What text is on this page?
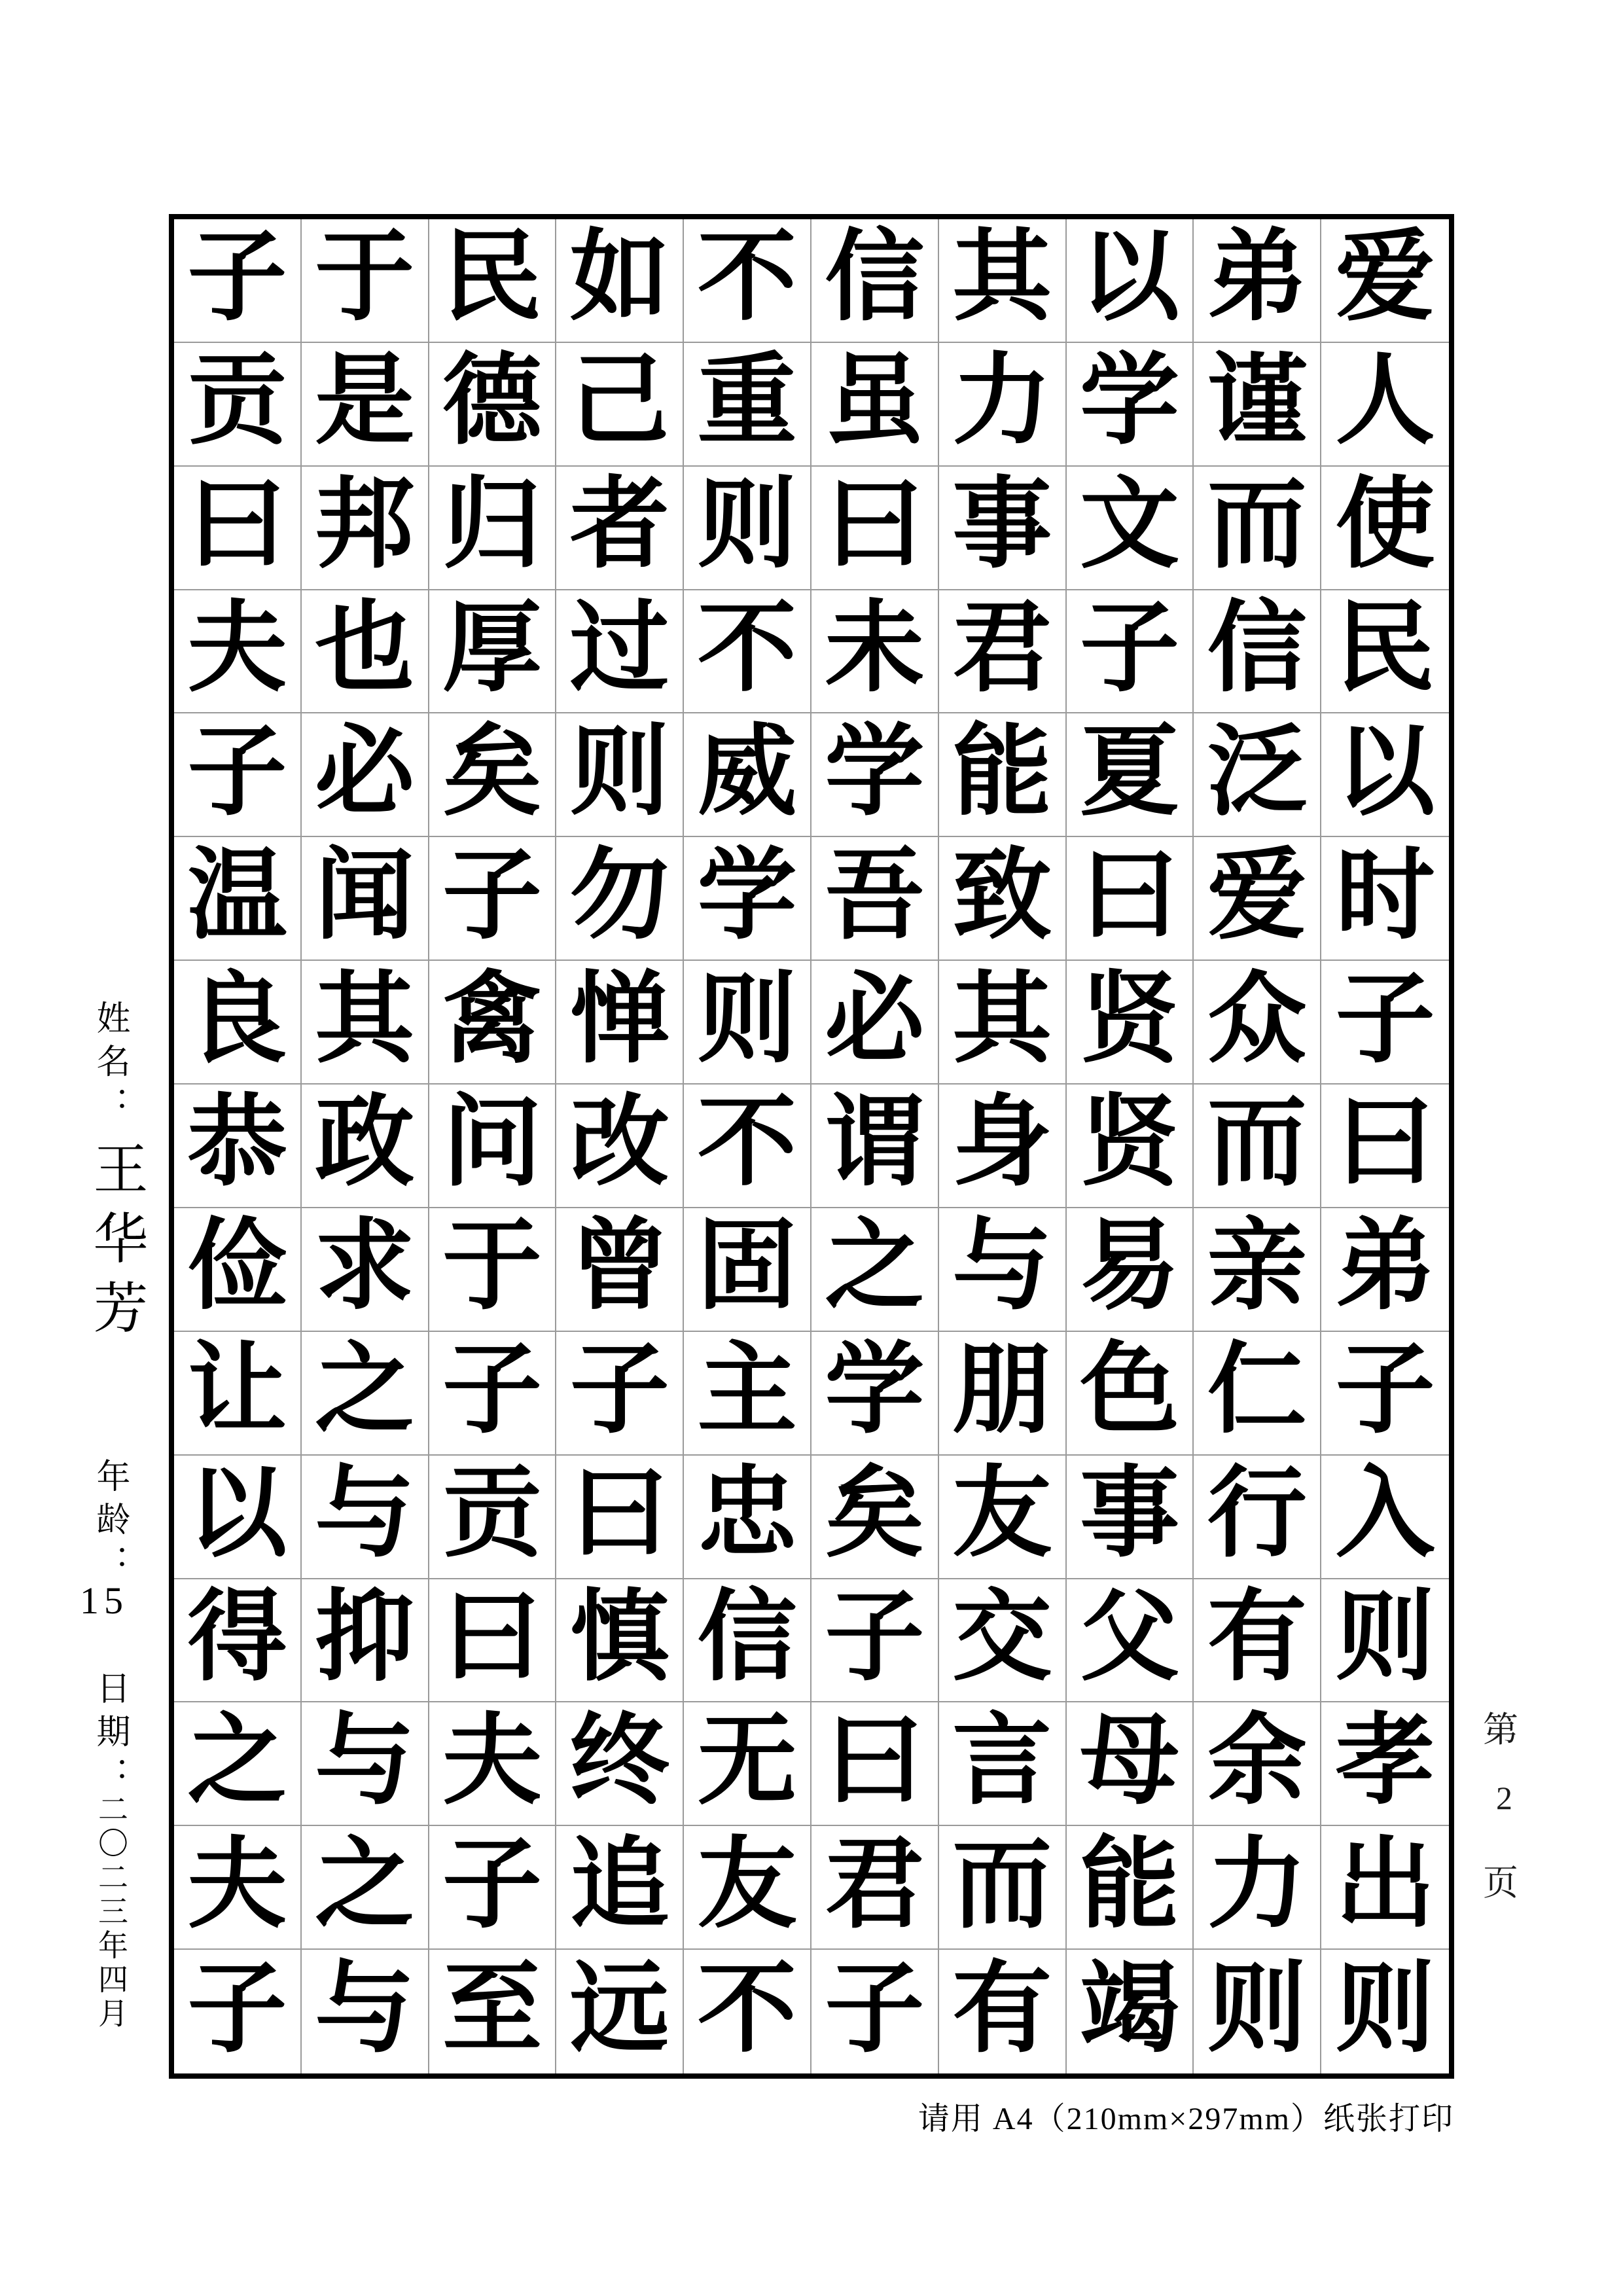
姓名：
王华芳
年龄：
15
日期：
二〇二三年四月
子 于 民 如 不 信 其 以 弟 爱
贡 是 德 己 重 虽 力 学 谨 人
曰 邦 归 者 则 曰 事 文 而 使
夫 也 厚 过 不 未 君 子 信 民
子 必 矣 则 威 学 能 夏 泛 以
温 闻 子 勿 学 吾 致 曰 爱 时
良 其 禽 惮 则 必 其 贤 众 子
恭 政 问 改 不 谓 身 贤 而 曰
俭 求 于 曾 固 之 与 易 亲 弟
让 之 子 子 主 学 朋 色 仁 子
以 与 贡 曰 忠 矣 友 事 行 入
得 抑 曰 慎 信 子 交 父 有 则
之 与 夫 终 无 曰 言 母 余 孝
夫 之 子 追 友 君 而 能 力 出
子 与 至 远 不 子 有 竭 则 则
第
2
页
请用 A4（210mm×297mm）纸张打印
